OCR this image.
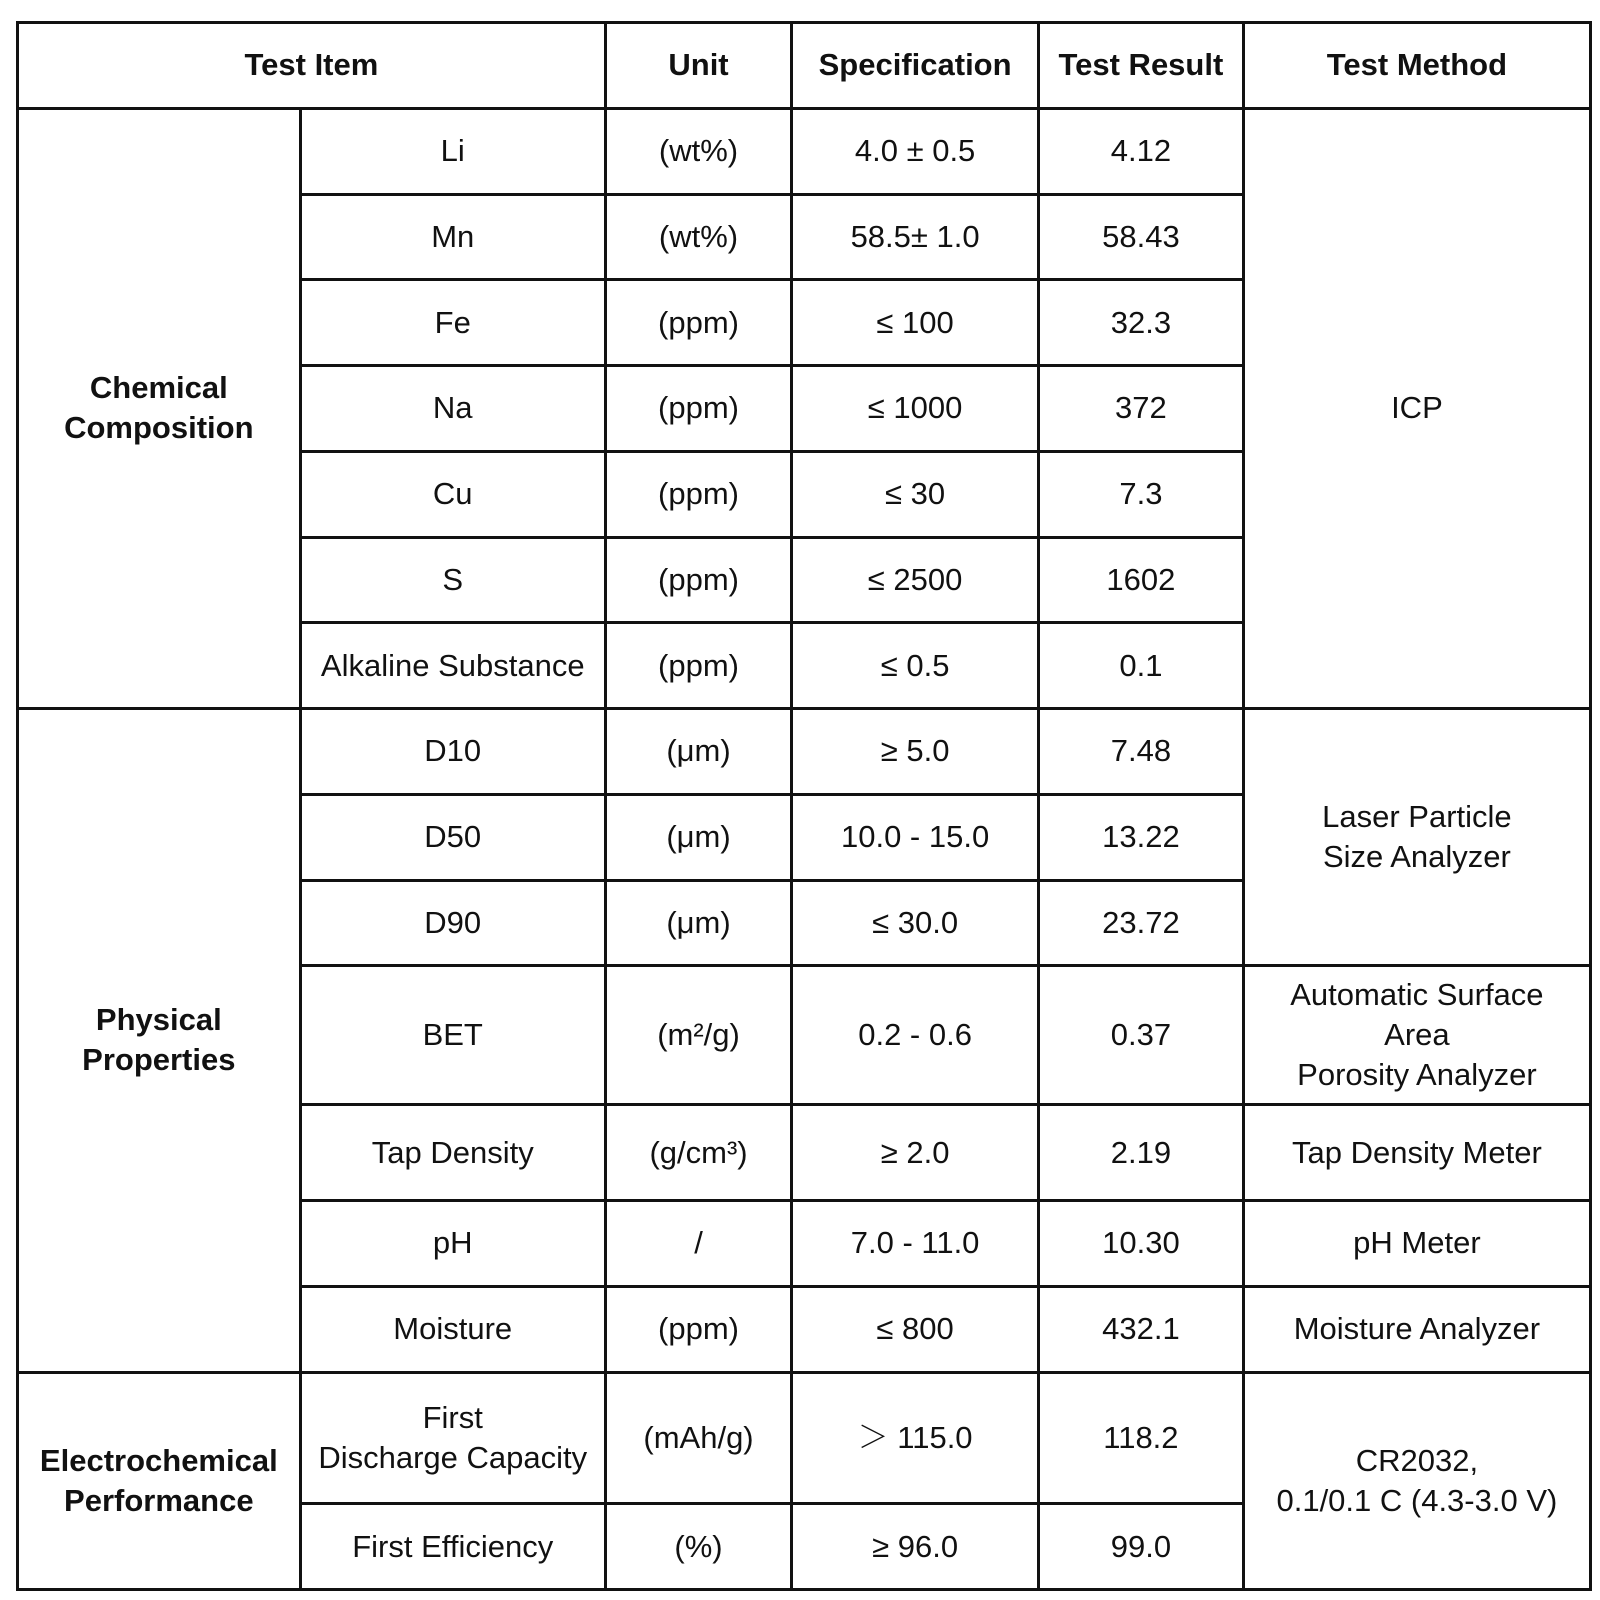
Test Item		Unit	Specification	Test Result	Test Method
Chemical
Composition	Li	(wt%)	4.0 ± 0.5	4.12	ICP
	Mn	(wt%)	58.5± 1.0	58.43	
	Fe	(ppm)	≤ 100	32.3	
	Na	(ppm)	≤ 1000	372	
	Cu	(ppm)	≤ 30	7.3	
	S	(ppm)	≤ 2500	1602	
	Alkaline Substance	(ppm)	≤ 0.5	0.1	
Physical
Properties	D10	(μm)	≥ 5.0	7.48	Laser Particle
Size Analyzer
	D50	(μm)	10.0 - 15.0	13.22	
	D90	(μm)	≤ 30.0	23.72	
	BET	(m²/g)	0.2 - 0.6	0.37	Automatic Surface
Area
Porosity Analyzer
	Tap Density	(g/cm³)	≥ 2.0	2.19	Tap Density Meter
	pH	/	7.0 - 11.0	10.30	pH Meter
	Moisture	(ppm)	≤ 800	432.1	Moisture Analyzer
Electrochemical
Performance	First
Discharge Capacity	(mAh/g)	＞ 115.0	118.2	CR2032,
0.1/0.1 C (4.3-3.0 V)
	First Efficiency	(%)	≥ 96.0	99.0	
